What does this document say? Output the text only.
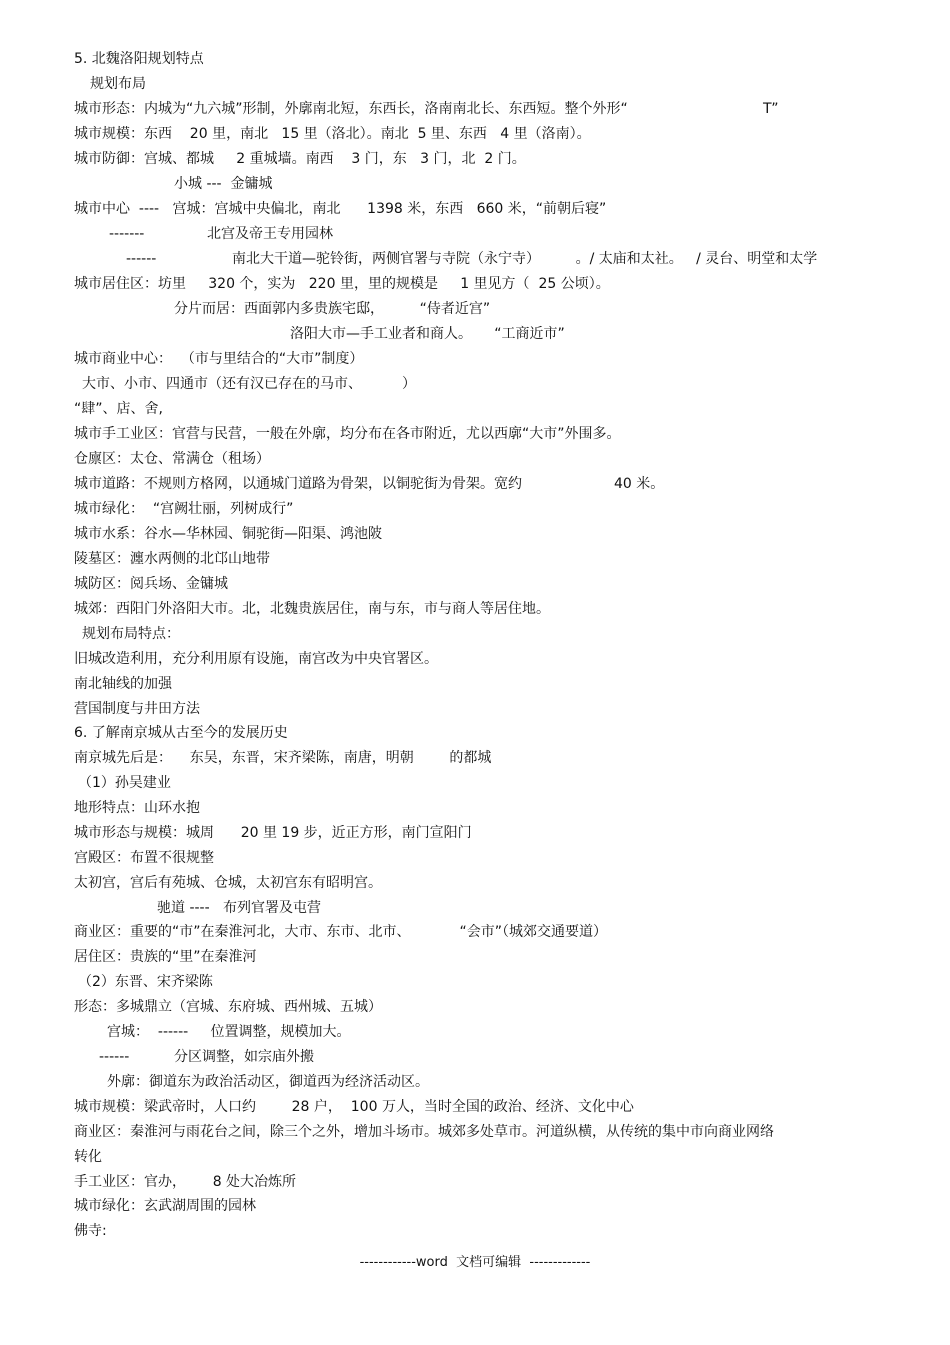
5. 北魏洛阳规划特点
规划布局
城市形态：内城为“九六城”形制，外廓南北短，东西长，洛南南北长、东西短。整个外形“	T”
城市规模：东西    20 里，南北   15 里（洛北）。南北  5 里、东西   4 里（洛南）。
城市防御：宫城、都城     2 重城墙。南西    3 门，东   3 门，北  2 门。
小城 ---  金镛城
城市中心  ----   宫城：宫城中央偏北，南北      1398 米，东西   660 米，“前朝后寝”
-------	北宫及帝王专用园林
------	南北大干道—驼铃街，两侧官署与寺院（永宁寺）        。/ 太庙和太社。   / 灵台、明堂和太学
城市居住区：坊里     320 个，实为   220 里，里的规模是     1 里见方（  25 公顷）。
分片而居：西面郭内多贵族宅邸，        “侍者近宫”
洛阳大市—手工业者和商人。     “工商近市”
城市商业中心：  （市与里结合的“大市”制度）
大市、小市、四通市（还有汉已存在的马市、         ）
“肆”、店、舍,
城市手工业区：官营与民营，一般在外廓，均分布在各市附近，尤以西廓“大市”外围多。
仓廪区：太仓、常满仓（租场）
城市道路：不规则方格网，以通城门道路为骨架，以铜驼街为骨架。宽约	40 米。
城市绿化：  “宫阙壮丽，列树成行”
城市水系：谷水—华林园、铜驼街—阳渠、鸿池陂
陵墓区：瀍水两侧的北邙山地带
城防区：阅兵场、金镛城
城郊：西阳门外洛阳大市。北，北魏贵族居住，南与东，市与商人等居住地。
规划布局特点：
旧城改造利用，充分利用原有设施，南宫改为中央官署区。
南北轴线的加强
营国制度与井田方法
6. 了解南京城从古至今的发展历史
南京城先后是：    东吴，东晋，宋齐梁陈，南唐，明朝        的都城
（1）孙吴建业
地形特点：山环水抱
城市形态与规模：城周      20 里 19 步，近正方形，南门宣阳门
宫殿区：布置不很规整
太初宫，宫后有苑城、仓城，太初宫东有昭明宫。
驰道 ----   布列官署及屯营
商业区：重要的“市”在秦淮河北，大市、东市、北市、           “会市”（城郊交通要道）
居住区：贵族的“里”在秦淮河
（2）东晋、宋齐梁陈
形态：多城鼎立（宫城、东府城、西州城、五城）
宫城：  ------     位置调整，规模加大。
------	分区调整，如宗庙外搬
外廓：御道东为政治活动区，御道西为经济活动区。
城市规模：梁武帝时，人口约        28 户，  100 万人，当时全国的政治、经济、文化中心
商业区：秦淮河与雨花台之间，除三个之外，增加斗场市。城郊多处草市。河道纵横，从传统的集中市向商业网络
转化
手工业区：官办，      8 处大冶炼所
城市绿化：玄武湖周围的园林
佛寺:
------------word  文档可编辑  -------------
